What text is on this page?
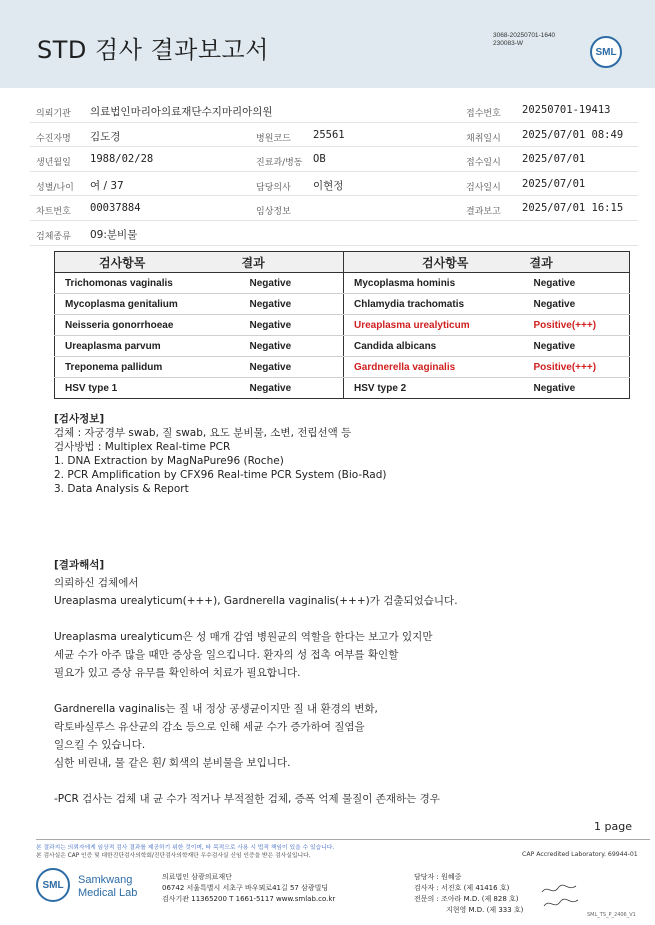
STD 검사 결과보고서
3068-20250701-1640
230083-W
SML
의뢰기관 의료법인마리아의료재단수지마리아의원	접수번호 20250701-19413
수진자명 김도경	병원코드 25561	채취일시 2025/07/01 08:49
생년월일 1988/02/28	진료과/병동 OB	접수일시 2025/07/01
성별/나이 여 / 37	담당의사 이현정	검사일시 2025/07/01
차트번호 00037884	임상정보	결과보고 2025/07/01 16:15
검체종류 09:분비물
검사항목	결과	검사항목	결과
Trichomonas vaginalis	Negative	Mycoplasma hominis	Negative
Mycoplasma genitalium	Negative	Chlamydia trachomatis	Negative
Neisseria gonorrhoeae	Negative	Ureaplasma urealyticum	Positive(+++)
Ureaplasma parvum	Negative	Candida albicans	Negative
Treponema pallidum	Negative	Gardnerella vaginalis	Positive(+++)
HSV type 1	Negative	HSV type 2	Negative
[검사정보]
검체 : 자궁경부 swab, 질 swab, 요도 분비물, 소변, 전립선액 등
검사방법 : Multiplex Real-time PCR
1. DNA Extraction by MagNaPure96 (Roche)
2. PCR Amplification by CFX96 Real-time PCR System (Bio-Rad)
3. Data Analysis & Report

[결과해석]

의뢰하신 검체에서

Ureaplasma urealyticum(+++), Gardnerella vaginalis(+++)가 검출되었습니다.

Ureaplasma urealyticum은 성 매개 감염 병원균의 역할을 한다는 보고가 있지만

세균 수가 아주 많을 때만 증상을 일으킵니다. 환자의 성 접촉 여부를 확인할

필요가 있고 증상 유무를 확인하여 치료가 필요합니다.

Gardnerella vaginalis는 질 내 정상 공생균이지만 질 내 환경의 변화,

락토바실루스 유산균의 감소 등으로 인해 세균 수가 증가하여 질염을

일으킬 수 있습니다.

심한 비린내, 물 같은 흰/ 회색의 분비물을 보입니다.

-PCR 검사는 검체 내 균 수가 적거나 부적절한 검체, 증폭 억제 물질이 존재하는 경우

1 page
본 결과지는 의뢰자에게 임상적 검사 결과를 제공하기 위한 것이며, 타 목적으로 사용 시 법적 책임이 있을 수 있습니다.
본 검사실은 CAP 인증 및 대한진단검사의학회/진단검사의학재단 우수검사실 신임 인증을 받은 검사실입니다.	CAP Accredited Laboratory. 69944-01
SML Samkwang
Medical Lab
의료법인 삼광의료재단
06742 서울특별시 서초구 바우뫼로41길 57 삼광빌딩
검사기관 11365200 T 1661-5117 www.smlab.co.kr
담당자 : 원혜중
검사자 : 서진호 (제 41416 호)
전문의 : 조아라 M.D. (제 828 호)
지현영 M.D. (제 333 호)
SML_TS_P_2406_V1
